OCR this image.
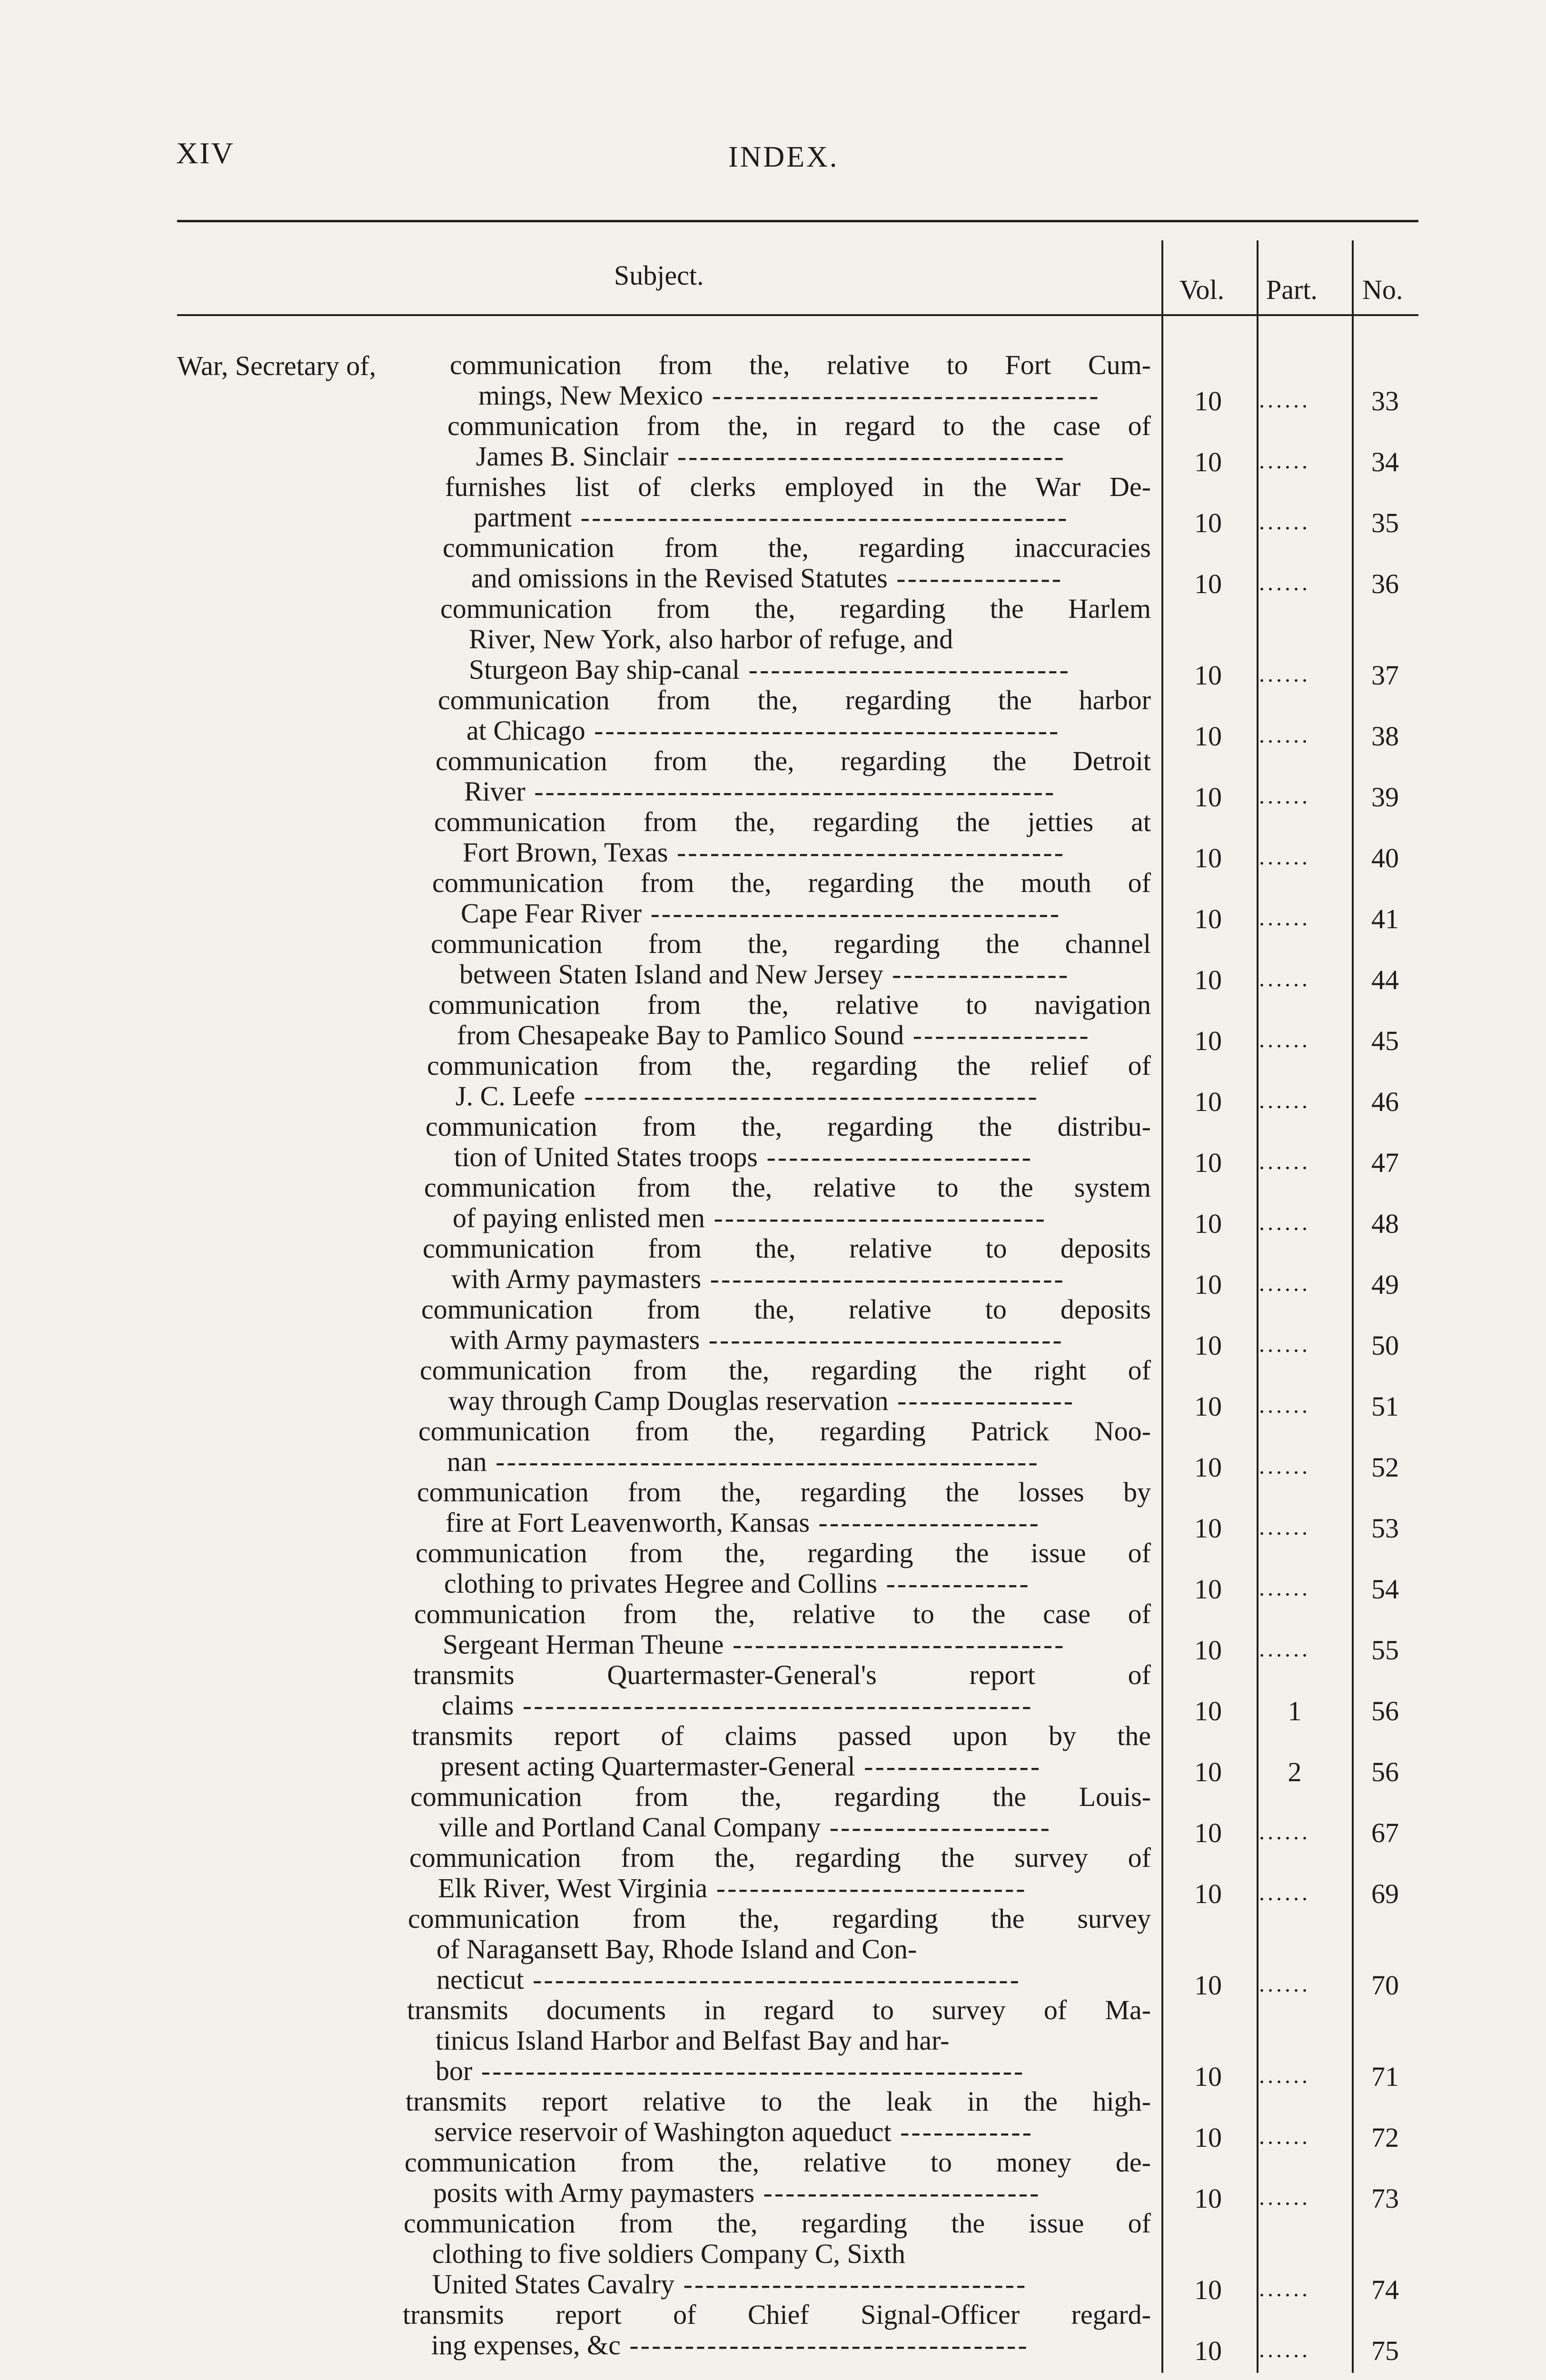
XIV	INDEX.
Subject.	Vol. Part. No.
War, Secretary of,	communication from the, relative to Fort Cum-
mings, New Mexico -----------------------------------	10	......	33
communication from the, in regard to the case of
James B. Sinclair -----------------------------------	10	......	34
furnishes list of clerks employed in the War De-
partment --------------------------------------------	10	......	35
communication from the, regarding inaccuracies
and omissions in the Revised Statutes ---------------	10	......	36
communication from the, regarding the Harlem
River, New York, also harbor of refuge, and
Sturgeon Bay ship-canal -----------------------------	10	......	37
communication from the, regarding the harbor
at Chicago ------------------------------------------	10	......	38
communication from the, regarding the Detroit
River -----------------------------------------------	10	......	39
communication from the, regarding the jetties at
Fort Brown, Texas -----------------------------------	10	......	40
communication from the, regarding the mouth of
Cape Fear River -------------------------------------	10	......	41
communication from the, regarding the channel
between Staten Island and New Jersey ----------------	10	......	44
communication from the, relative to navigation
from Chesapeake Bay to Pamlico Sound ----------------	10	......	45
communication from the, regarding the relief of
J. C. Leefe -----------------------------------------	10	......	46
communication from the, regarding the distribu-
tion of United States troops ------------------------	10	......	47
communication from the, relative to the system
of paying enlisted men ------------------------------	10	......	48
communication from the, relative to deposits
with Army paymasters --------------------------------	10	......	49
communication from the, relative to deposits
with Army paymasters --------------------------------	10	......	50
communication from the, regarding the right of
way through Camp Douglas reservation ----------------	10	......	51
communication from the, regarding Patrick Noo-
nan -------------------------------------------------	10	......	52
communication from the, regarding the losses by
fire at Fort Leavenworth, Kansas --------------------	10	......	53
communication from the, regarding the issue of
clothing to privates Hegree and Collins -------------	10	......	54
communication from the, relative to the case of
Sergeant Herman Theune ------------------------------	10	......	55
transmits Quartermaster-General's report of
claims ----------------------------------------------	10	1	56
transmits report of claims passed upon by the
present acting Quartermaster-General ----------------	10	2	56
communication from the, regarding the Louis-
ville and Portland Canal Company --------------------	10	......	67
communication from the, regarding the survey of
Elk River, West Virginia ----------------------------	10	......	69
communication from the, regarding the survey
of Naragansett Bay, Rhode Island and Con-
necticut --------------------------------------------	10	......	70
transmits documents in regard to survey of Ma-
tinicus Island Harbor and Belfast Bay and har-
bor -------------------------------------------------	10	......	71
transmits report relative to the leak in the high-
service reservoir of Washington aqueduct ------------	10	......	72
communication from the, relative to money de-
posits with Army paymasters -------------------------	10	......	73
communication from the, regarding the issue of
clothing to five soldiers Company C, Sixth
United States Cavalry -------------------------------	10	......	74
transmits report of Chief Signal-Officer regard-
ing expenses, &c ------------------------------------	10	......	75
